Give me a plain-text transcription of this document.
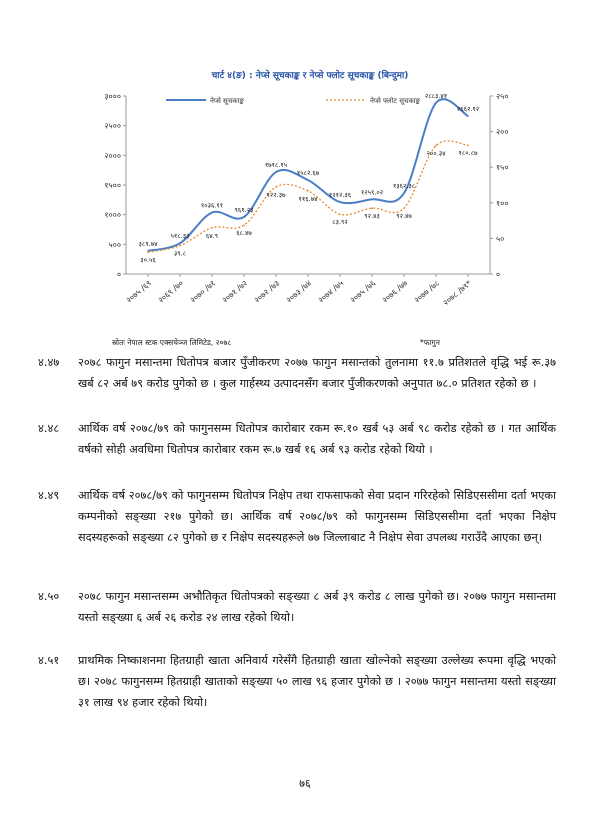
चार्ट ४(ङ) : नेप्से सूचकाङ्क र नेप्से फ्लोट सूचकाङ्क (बिन्दुमा)
०
५००
१०००
१५००
२०००
२५००
३०००
०
५०
१००
१५०
२००
२५०
२०७५ /६९ २०६९ /७० २०७० /७१ २०७१ /७२ २०७२ /७३ २०७३ /७४ २०७४ /७५ २०७५ /७६ २०७६ /७७ २०७७ /७८ २०७८ /७९*
३८९.७४
५१८.३३
१०३६.११
९६१.२३
१७१८.१५
१५८२.६७
१२१२.३६ १२५९.०२
१३६२.३८
२८८३.४१
२६६२.१२
३०.५६
३९.८
६४.९	६८.४७
१२२.३७
११६.७४
८३.९२
९२.४३	९२.४७
२००.३४ १८०.८७
नेप्से सूचकाङ्क	नेप्से फ्लोट सूचकाङ्क
स्रोतः नेपाल स्टक एक्सचेञ्ज लिमिटेड, २०७८	*फागुन
४.४७ २०७८ फागुन मसान्तमा धितोपत्र बजार पुँजीकरण २०७७ फागुन मसान्तको तुलनामा ११.७ प्रतिशतले वृद्धि भई रू.३७ खर्ब ८२ अर्ब ७९ करोड पुगेको छ । कुल गार्हस्थ्य उत्पादनसँग बजार पुँजीकरणको अनुपात ७८.० प्रतिशत रहेको छ ।
४.४८ आर्थिक वर्ष २०७८/७९ को फागुनसम्म धितोपत्र कारोबार रकम रू.१० खर्ब ५३ अर्ब ९८ करोड रहेको छ । गत आर्थिक वर्षको सोही अवधिमा धितोपत्र कारोबार रकम रू.७ खर्ब १६ अर्ब ९३ करोड रहेको थियो ।
४.४९ आर्थिक वर्ष २०७८/७९ को फागुनसम्म धितोपत्र निक्षेप तथा राफसाफको सेवा प्रदान गरिरहेको सिडिएससीमा दर्ता भएका कम्पनीको सङ्ख्या २१७ पुगेको छ। आर्थिक वर्ष २०७८/७९ को फागुनसम्म सिडिएससीमा दर्ता भएका निक्षेप सदस्यहरूको सङ्ख्या ८२ पुगेको छ र निक्षेप सदस्यहरूले ७७ जिल्लाबाट नै निक्षेप सेवा उपलब्ध गराउँदै आएका छन्।
४.५० २०७८ फागुन मसान्तसम्म अभौतिकृत धितोपत्रको सङ्ख्या ८ अर्ब ३९ करोड ८ लाख पुगेको छ। २०७७ फागुन मसान्तमा यस्तो सङ्ख्या ६ अर्ब २६ करोड २४ लाख रहेको थियो।
४.५१ प्राथमिक निष्काशनमा हितग्राही खाता अनिवार्य गरेसँगै हितग्राही खाता खोल्नेको सङ्ख्या उल्लेख्य रूपमा वृद्धि भएको छ। २०७८ फागुनसम्म हितग्राही खाताको सङ्ख्या ५० लाख ९६ हजार पुगेको छ । २०७७ फागुन मसान्तमा यस्तो सङ्ख्या ३१ लाख ९४ हजार रहेको थियो।
७६
